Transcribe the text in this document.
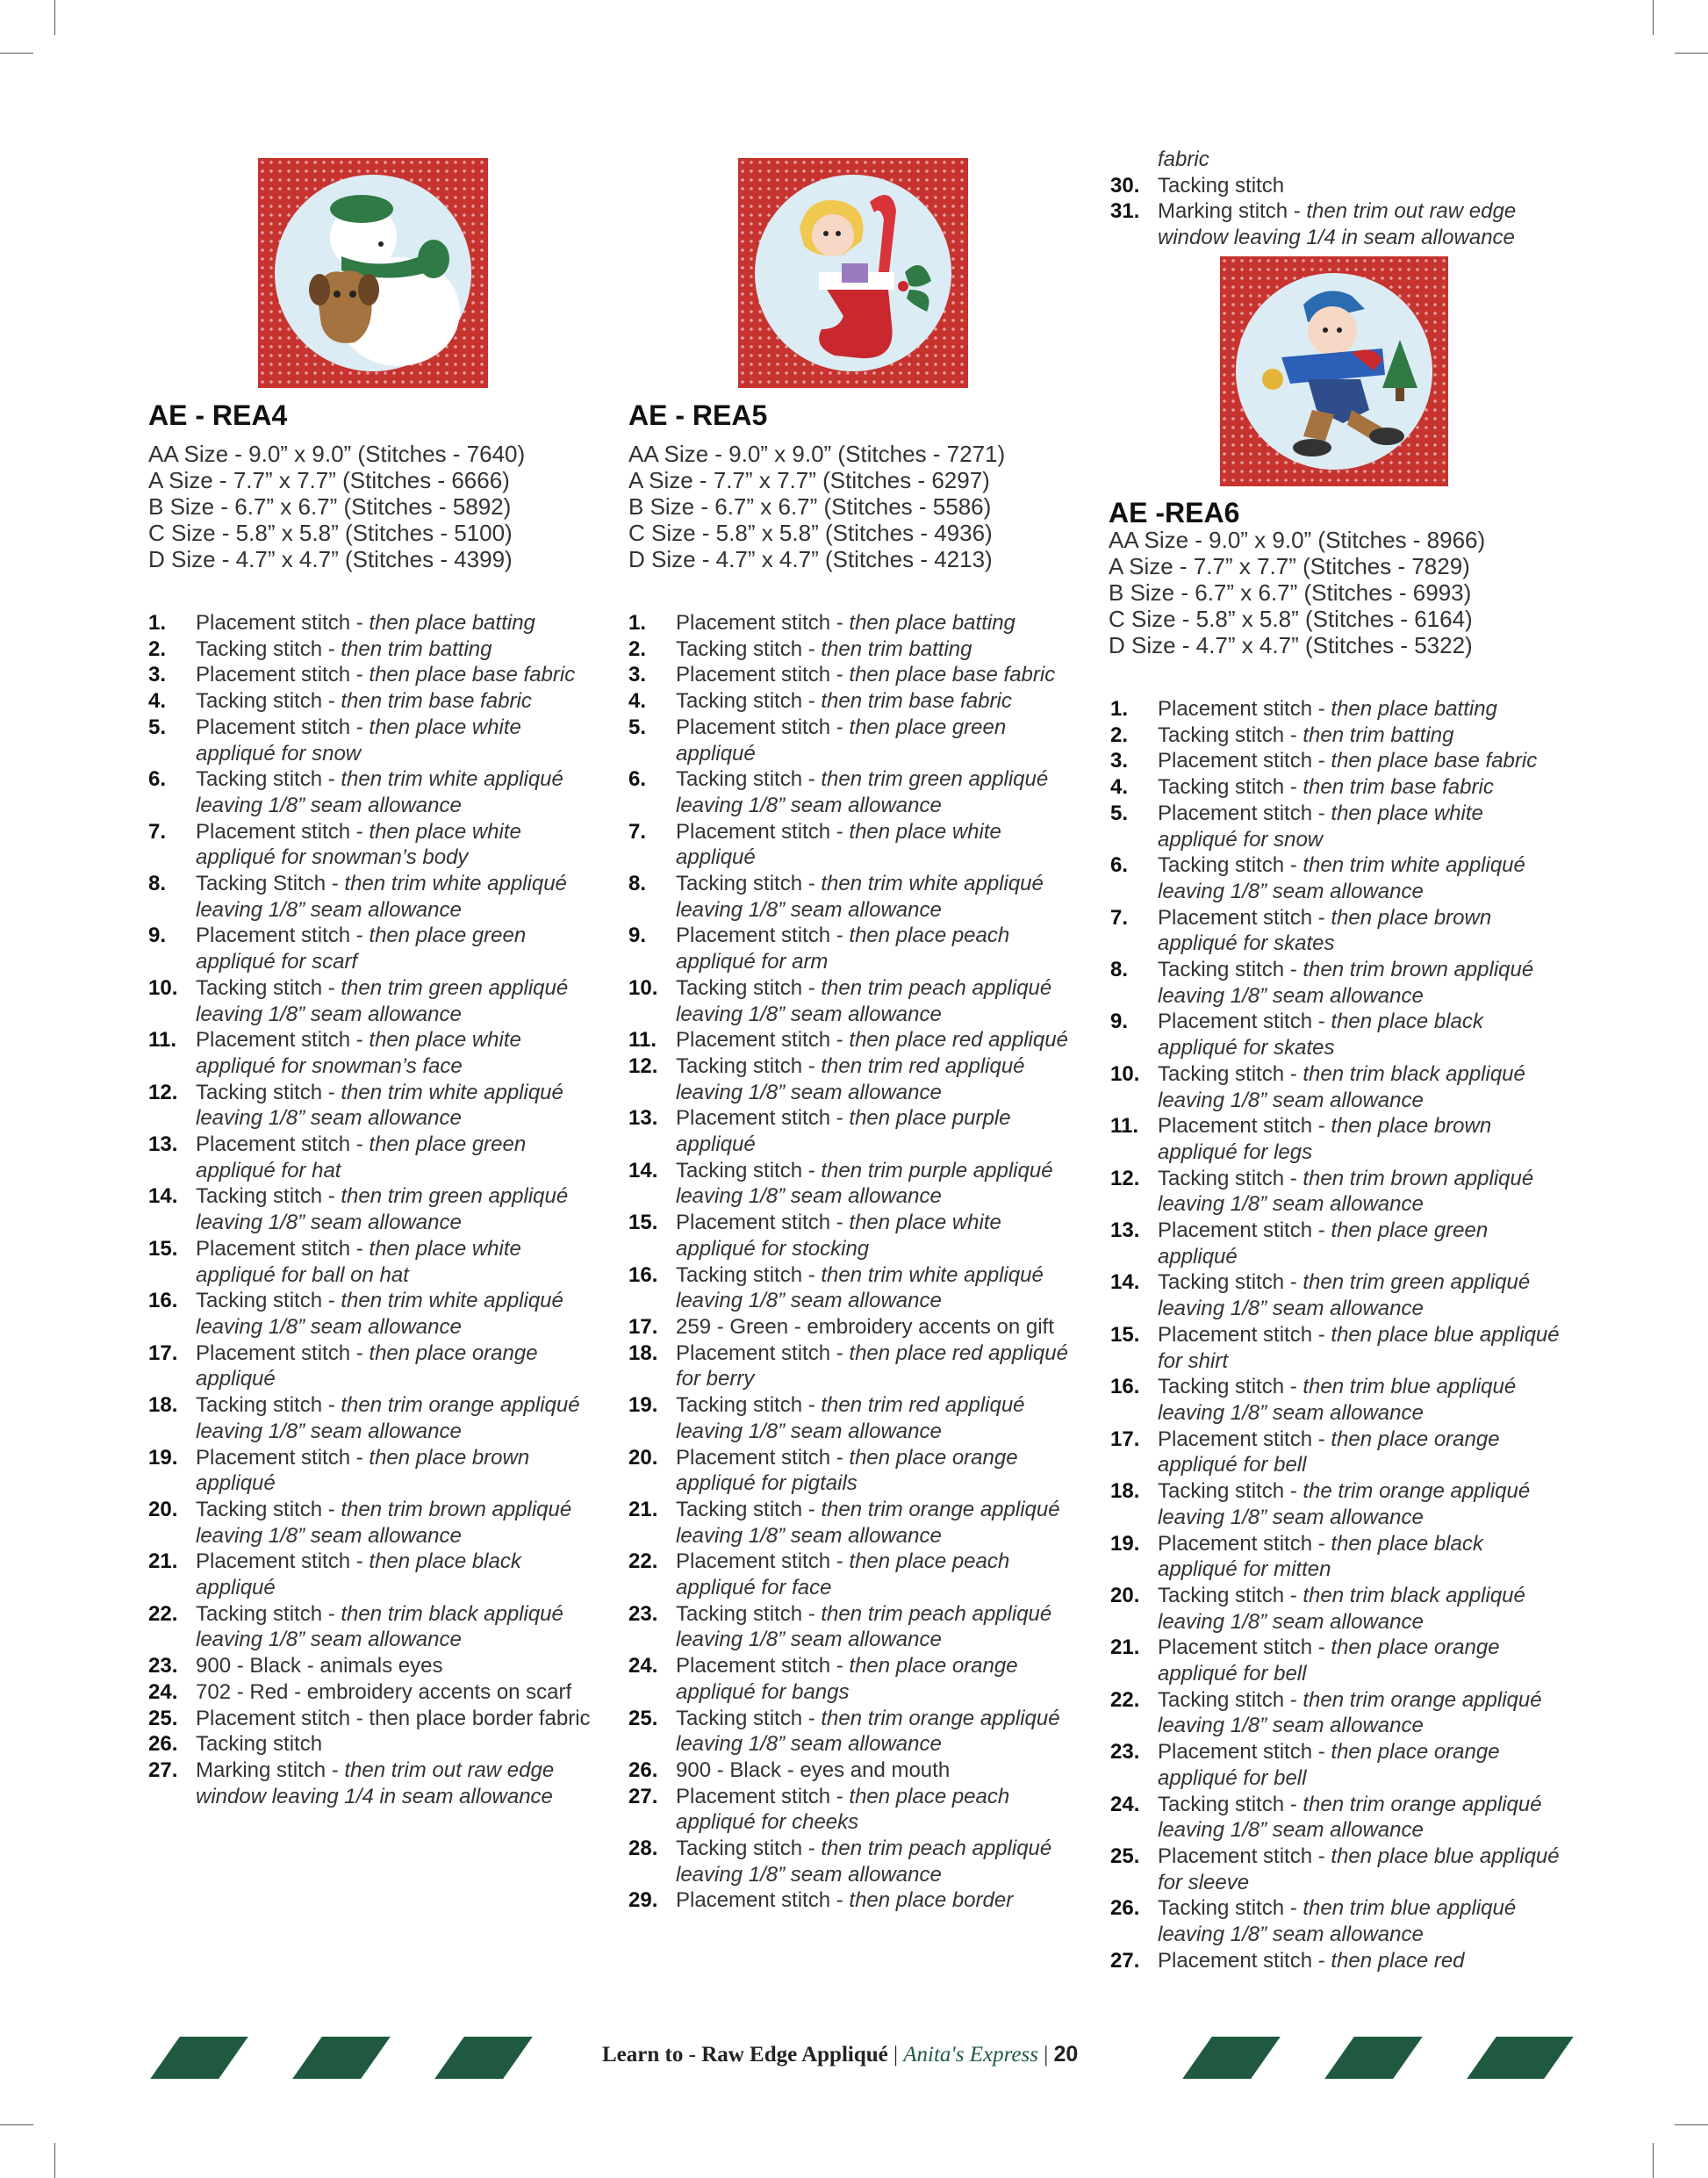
AE - REA4
AA Size - 9.0” x 9.0” (Stitches - 7640)
A Size - 7.7” x 7.7” (Stitches - 6666)
B Size - 6.7” x 6.7” (Stitches - 5892)
C Size - 5.8” x 5.8” (Stitches - 5100)
D Size - 4.7” x 4.7” (Stitches - 4399)
1. Placement stitch - then place batting
2. Tacking stitch - then trim batting
3. Placement stitch - then place base fabric
4. Tacking stitch - then trim base fabric
5. Placement stitch - then place white appliqué for snow
6. Tacking stitch - then trim white appliqué leaving 1/8” seam allowance
7. Placement stitch - then place white appliqué for snowman’s body
8. Tacking Stitch - then trim white appliqué leaving 1/8” seam allowance
9. Placement stitch - then place green appliqué for scarf
10. Tacking stitch - then trim green appliqué leaving 1/8” seam allowance
11. Placement stitch - then place white appliqué for snowman’s face
12. Tacking stitch - then trim white appliqué leaving 1/8” seam allowance
13. Placement stitch - then place green appliqué for hat
14. Tacking stitch - then trim green appliqué leaving 1/8” seam allowance
15. Placement stitch - then place white appliqué for ball on hat
16. Tacking stitch - then trim white appliqué leaving 1/8” seam allowance
17. Placement stitch - then place orange appliqué
18. Tacking stitch - then trim orange appliqué leaving 1/8” seam allowance
19. Placement stitch - then place brown appliqué
20. Tacking stitch - then trim brown appliqué leaving 1/8” seam allowance
21. Placement stitch - then place black appliqué
22. Tacking stitch - then trim black appliqué leaving 1/8” seam allowance
23. 900 - Black - animals eyes
24. 702 - Red - embroidery accents on scarf
25. Placement stitch - then place border fabric
26. Tacking stitch
27. Marking stitch - then trim out raw edge window leaving 1/4 in seam allowance
AE - REA5
AA Size - 9.0” x 9.0” (Stitches - 7271)
A Size - 7.7” x 7.7” (Stitches - 6297)
B Size - 6.7” x 6.7” (Stitches - 5586)
C Size - 5.8” x 5.8” (Stitches - 4936)
D Size - 4.7” x 4.7” (Stitches - 4213)
1. Placement stitch - then place batting
2. Tacking stitch - then trim batting
3. Placement stitch - then place base fabric
4. Tacking stitch - then trim base fabric
5. Placement stitch - then place green appliqué
6. Tacking stitch - then trim green appliqué leaving 1/8” seam allowance
7. Placement stitch - then place white appliqué
8. Tacking stitch - then trim white appliqué leaving 1/8” seam allowance
9. Placement stitch - then place peach appliqué for arm
10. Tacking stitch - then trim peach appliqué leaving 1/8” seam allowance
11. Placement stitch - then place red appliqué
12. Tacking stitch - then trim red appliqué leaving 1/8” seam allowance
13. Placement stitch - then place purple appliqué
14. Tacking stitch - then trim purple appliqué leaving 1/8” seam allowance
15. Placement stitch - then place white appliqué for stocking
16. Tacking stitch - then trim white appliqué leaving 1/8” seam allowance
17. 259 - Green - embroidery accents on gift
18. Placement stitch - then place red appliqué for berry
19. Tacking stitch - then trim red appliqué leaving 1/8” seam allowance
20. Placement stitch - then place orange appliqué for pigtails
21. Tacking stitch - then trim orange appliqué leaving 1/8” seam allowance
22. Placement stitch - then place peach appliqué for face
23. Tacking stitch - then trim peach appliqué leaving 1/8” seam allowance
24. Placement stitch - then place orange appliqué for bangs
25. Tacking stitch - then trim orange appliqué leaving 1/8” seam allowance
26. 900 - Black - eyes and mouth
27. Placement stitch - then place peach appliqué for cheeks
28. Tacking stitch - then trim peach appliqué leaving 1/8” seam allowance
29. Placement stitch - then place border
fabric
30. Tacking stitch
31. Marking stitch - then trim out raw edge window leaving 1/4 in seam allowance
AE -REA6
AA Size - 9.0” x 9.0” (Stitches - 8966)
A Size - 7.7” x 7.7” (Stitches - 7829)
B Size - 6.7” x 6.7” (Stitches - 6993)
C Size - 5.8” x 5.8” (Stitches - 6164)
D Size - 4.7” x 4.7” (Stitches - 5322)
1. Placement stitch - then place batting
2. Tacking stitch - then trim batting
3. Placement stitch - then place base fabric
4. Tacking stitch - then trim base fabric
5. Placement stitch - then place white appliqué for snow
6. Tacking stitch - then trim white appliqué leaving 1/8” seam allowance
7. Placement stitch - then place brown appliqué for skates
8. Tacking stitch - then trim brown appliqué leaving 1/8” seam allowance
9. Placement stitch - then place black appliqué for skates
10. Tacking stitch - then trim black appliqué leaving 1/8” seam allowance
11. Placement stitch - then place brown appliqué for legs
12. Tacking stitch - then trim brown appliqué leaving 1/8” seam allowance
13. Placement stitch - then place green appliqué
14. Tacking stitch - then trim green appliqué leaving 1/8” seam allowance
15. Placement stitch - then place blue appliqué for shirt
16. Tacking stitch - then trim blue appliqué leaving 1/8” seam allowance
17. Placement stitch - then place orange appliqué for bell
18. Tacking stitch - the trim orange appliqué leaving 1/8” seam allowance
19. Placement stitch - then place black appliqué for mitten
20. Tacking stitch - then trim black appliqué leaving 1/8” seam allowance
21. Placement stitch - then place orange appliqué for bell
22. Tacking stitch - then trim orange appliqué leaving 1/8” seam allowance
23. Placement stitch - then place orange appliqué for bell
24. Tacking stitch - then trim orange appliqué leaving 1/8” seam allowance
25. Placement stitch - then place blue appliqué for sleeve
26. Tacking stitch - then trim blue appliqué leaving 1/8” seam allowance
27. Placement stitch - then place red
Learn to - Raw Edge Appliqué | Anita's Express | 20
